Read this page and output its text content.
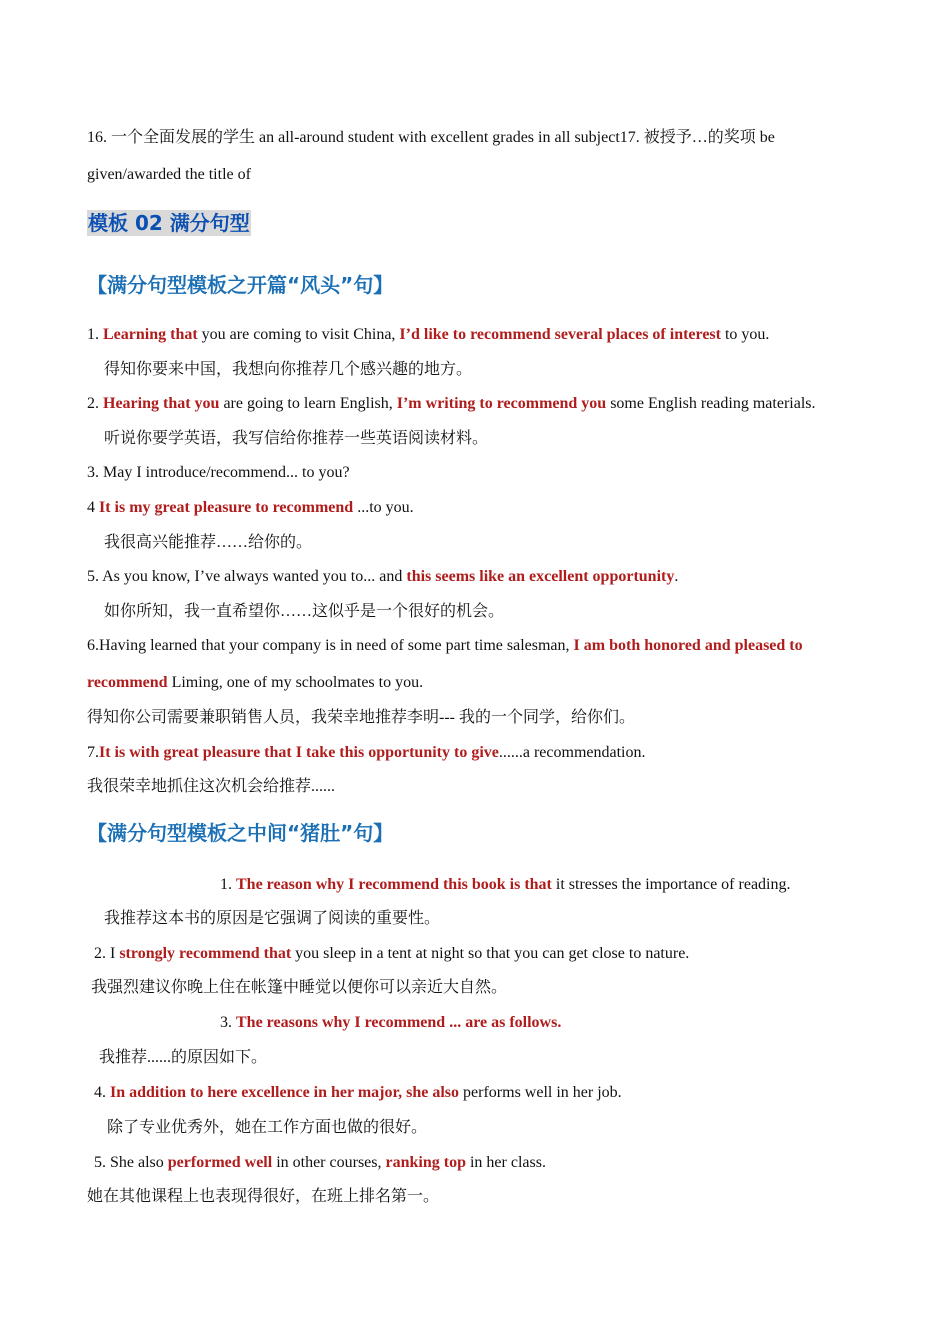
16. 一个全面发展的学生 an all-around student with excellent grades in all subject17. 被授予…的奖项 be
given/awarded the title of
模板 02 满分句型
【满分句型模板之开篇“风头”句】
1. Learning that you are coming to visit China, I’d like to recommend several places of interest to you.
得知你要来中国，我想向你推荐几个感兴趣的地方。
2. Hearing that you are going to learn English, I’m writing to recommend you some English reading materials.
听说你要学英语，我写信给你推荐一些英语阅读材料。
3. May I introduce/recommend... to you?
4 It is my great pleasure to recommend ...to you.
我很高兴能推荐……给你的。
5. As you know, I’ve always wanted you to... and this seems like an excellent opportunity.
如你所知，我一直希望你……这似乎是一个很好的机会。
6.Having learned that your company is in need of some part time salesman, I am both honored and pleased to
recommend Liming, one of my schoolmates to you.
得知你公司需要兼职销售人员，我荣幸地推荐李明--- 我的一个同学，给你们。
7.It is with great pleasure that I take this opportunity to give......a recommendation.
我很荣幸地抓住这次机会给推荐......
【满分句型模板之中间“猪肚”句】
1. The reason why I recommend this book is that it stresses the importance of reading.
我推荐这本书的原因是它强调了阅读的重要性。
2. I strongly recommend that you sleep in a tent at night so that you can get close to nature.
我强烈建议你晚上住在帐篷中睡觉以便你可以亲近大自然。
3. The reasons why I recommend ... are as follows.
我推荐......的原因如下。
4. In addition to here excellence in her major, she also performs well in her job.
除了专业优秀外，她在工作方面也做的很好。
5. She also performed well in other courses, ranking top in her class.
她在其他课程上也表现得很好，在班上排名第一。
